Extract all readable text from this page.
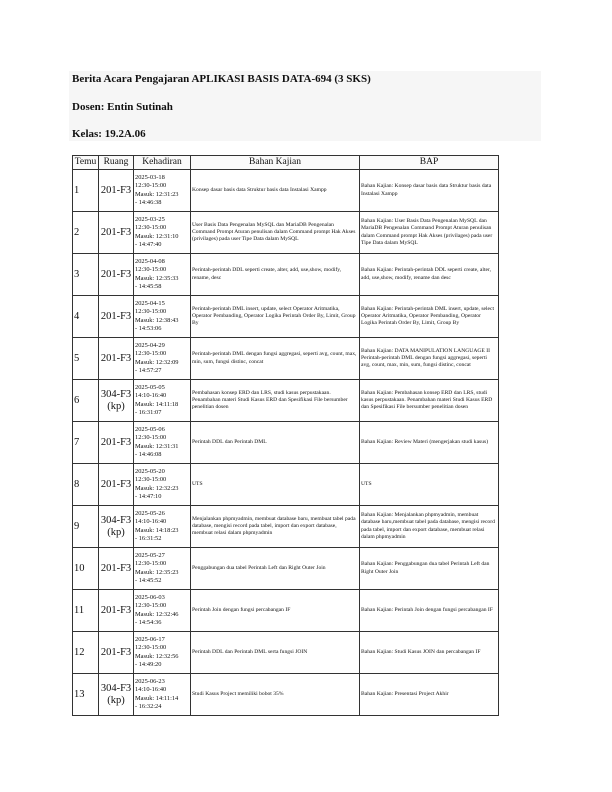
Berita Acara Pengajaran APLIKASI BASIS DATA-694 (3 SKS)
Dosen: Entin Sutinah
Kelas: 19.2A.06
Temu	Ruang	Kehadiran	Bahan Kajian	BAP
1	201-F3	2025-03-18
12:30-15:00
Masuk: 12:31:23
- 14:46:38	Konsep dasar basis data Struktur basis data Instalasi Xampp	Bahan Kajian: Konsep dasar basis data Struktur basis data Instalasi Xampp
2	201-F3	2025-03-25
12:30-15:00
Masuk: 12:31:10
- 14:47:40	User Basis Data Pengenalan MySQL dan MariaDB Pengenalan Command Prompt Aturan penulisan dalam Command prompt Hak Akses (privilages) pada user Tipe Data dalam MySQL	Bahan Kajian: User Basis Data Pengenalan MySQL dan MariaDB Pengenalan Command Prompt Aturan penulisan dalam Command prompt Hak Akses (privilages) pada user Tipe Data dalam MySQL
3	201-F3	2025-04-08
12:30-15:00
Masuk: 12:35:33
- 14:45:58	Perintah-perintah DDL seperti create, alter, add, use,show, modify, rename, desc	Bahan Kajian: Perintah-perintah DDL seperti create, alter, add, use,show, modify, rename dan desc
4	201-F3	2025-04-15
12:30-15:00
Masuk: 12:38:43
- 14:53:06	Perintah-perintah DML insert, update, select Operator Aritmatika, Operator Pembanding, Operator Logika Perintah Order By, Limit, Group By	Bahan Kajian: Perintah-perintah DML insert, update, select Operator Aritmatika, Operator Pembanding, Operator Logika Perintah Order By, Limit, Group By
5	201-F3	2025-04-29
12:30-15:00
Masuk: 12:32:09
- 14:57:27	Perintah-perintah DML dengan fungsi aggregasi, seperti avg, count, max, min, sum, fungsi distinc, concat	Bahan Kajian: DATA MANIPULATION LANGUAGE II Perintah-perintah DML dengan fungsi aggregasi, seperti avg, count, max, min, sum, fungsi distinc, concat
6	304-F3 (kp)	2025-05-05
14:10-16:40
Masuk: 14:11:18
- 16:31:07	Pembahasan konsep ERD dan LRS, studi kasus perpustakaan. Penambahan materi Studi Kasus ERD dan Spesifikasi File bersumber penelitian dosen	Bahan Kajian: Pembahasan konsep ERD dan LRS, studi kasus perpustakaan. Penambahan materi Studi Kasus ERD dan Spesifikasi File bersumber penelitian dosen
7	201-F3	2025-05-06
12:30-15:00
Masuk: 12:31:31
- 14:46:08	Perintah DDL dan Perintah DML	Bahan Kajian: Review Materi (mengerjakan studi kasus)
8	201-F3	2025-05-20
12:30-15:00
Masuk: 12:32:23
- 14:47:10	UTS	UTS
9	304-F3 (kp)	2025-05-26
14:10-16:40
Masuk: 14:18:23
- 16:31:52	Menjalankan phpmyadmin, membuat database baru, membuat tabel pada database, mengisi record pada tabel, import dan export database, membuat relasi dalam phpmyadmin	Bahan Kajian: Menjalankan phpmyadmin, membuat database baru,membuat tabel pada database, mengisi record pada tabel, import dan export database, membuat relasi dalam phpmyadmin
10	201-F3	2025-05-27
12:30-15:00
Masuk: 12:35:23
- 14:45:52	Penggabungan dua tabel Perintah Left dan Right Outer Join	Bahan Kajian: Penggabungan dua tabel Perintah Left dan Right Outer Join
11	201-F3	2025-06-03
12:30-15:00
Masuk: 12:32:46
- 14:54:36	Perintah Join dengan fungsi percabangan IF	Bahan Kajian: Perintah Join dengan fungsi percabangan IF
12	201-F3	2025-06-17
12:30-15:00
Masuk: 12:32:56
- 14:49:20	Perintah DDL dan Perintah DML serta fungsi JOIN	Bahan Kajian: Studi Kasus JOIN dan percabangan IF
13	304-F3 (kp)	2025-06-23
14:10-16:40
Masuk: 14:11:14
- 16:32:24	Studi Kasus Project memiliki bobot 35%	Bahan Kajian: Presentasi Project Akhir
